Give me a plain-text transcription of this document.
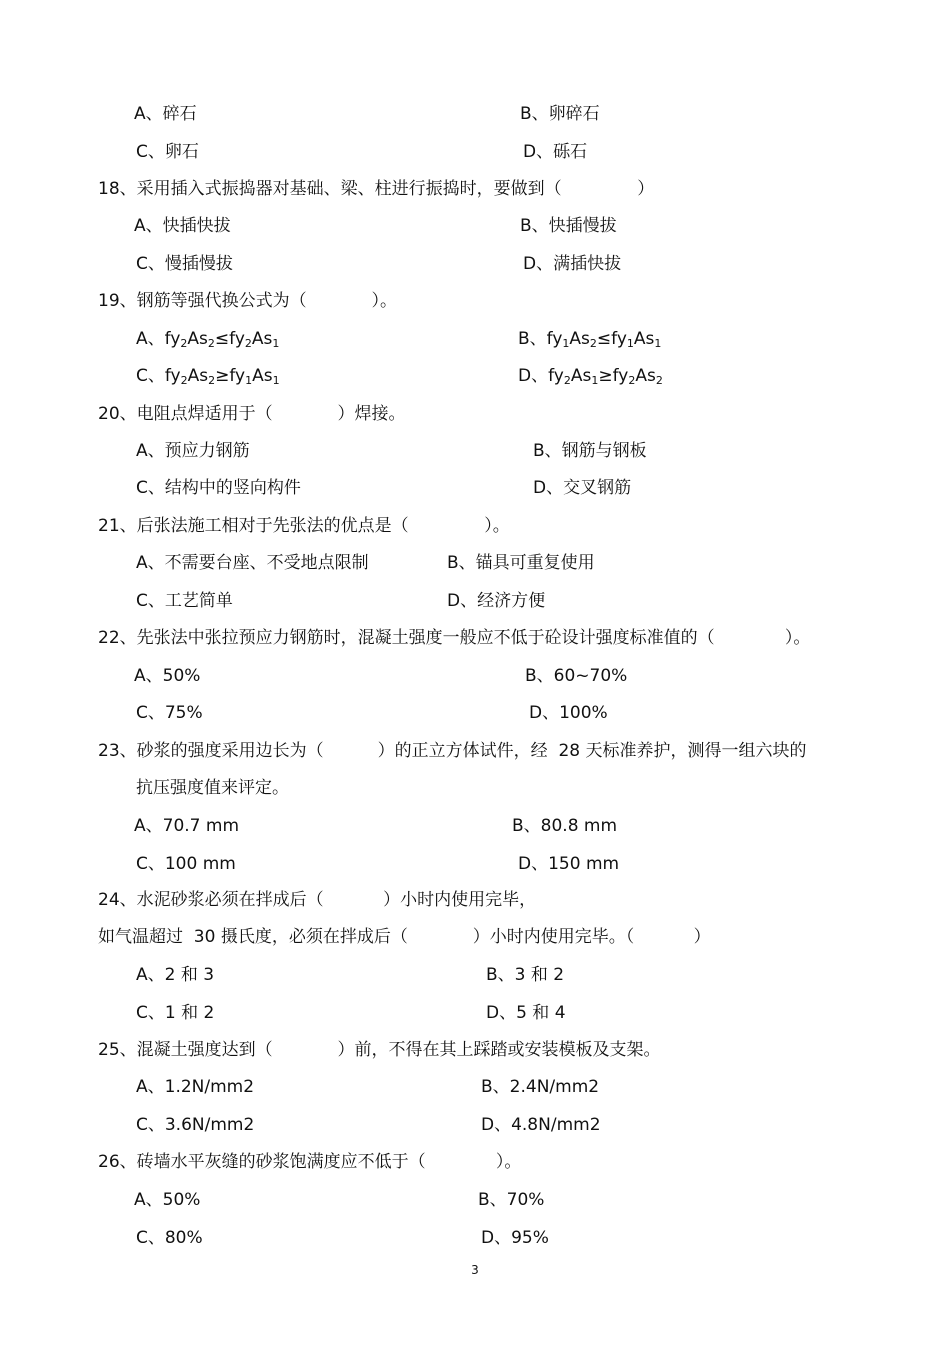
A、碎石	B、卵碎石
C、卵石	D、砾石
18、采用插入式振捣器对基础、梁、柱进行振捣时，要做到（              ）
A、快插快拔	B、快插慢拔
C、慢插慢拔	D、满插快拔
19、钢筋等强代换公式为（            ）。
A、fy2As2≤fy2As1	B、fy1As2≤fy1As1
C、fy2As2≥fy1As1	D、fy2As1≥fy2As2
20、电阻点焊适用于（            ）焊接。
A、预应力钢筋	B、钢筋与钢板
C、结构中的竖向构件	D、交叉钢筋
21、后张法施工相对于先张法的优点是（              ）。
A、不需要台座、不受地点限制	B、锚具可重复使用
C、工艺简单	D、经济方便
22、先张法中张拉预应力钢筋时，混凝土强度一般应不低于砼设计强度标准值的（             ）。
A、50%	B、60~70%
C、75%	D、100%
23、砂浆的强度采用边长为（          ）的正立方体试件，经  28 天标准养护，测得一组六块的
抗压强度值来评定。
A、70.7 mm	B、80.8 mm
C、100 mm	D、150 mm
24、水泥砂浆必须在拌成后（           ）小时内使用完毕，
如气温超过  30 摄氏度，必须在拌成后（            ）小时内使用完毕。（           ）
A、2 和 3	B、3 和 2
C、1 和 2	D、5 和 4
25、混凝土强度达到（            ）前，不得在其上踩踏或安装模板及支架。
A、1.2N/mm2	B、2.4N/mm2
C、3.6N/mm2	D、4.8N/mm2
26、砖墙水平灰缝的砂浆饱满度应不低于（             ）。
A、50%	B、70%
C、80%	D、95%
3
